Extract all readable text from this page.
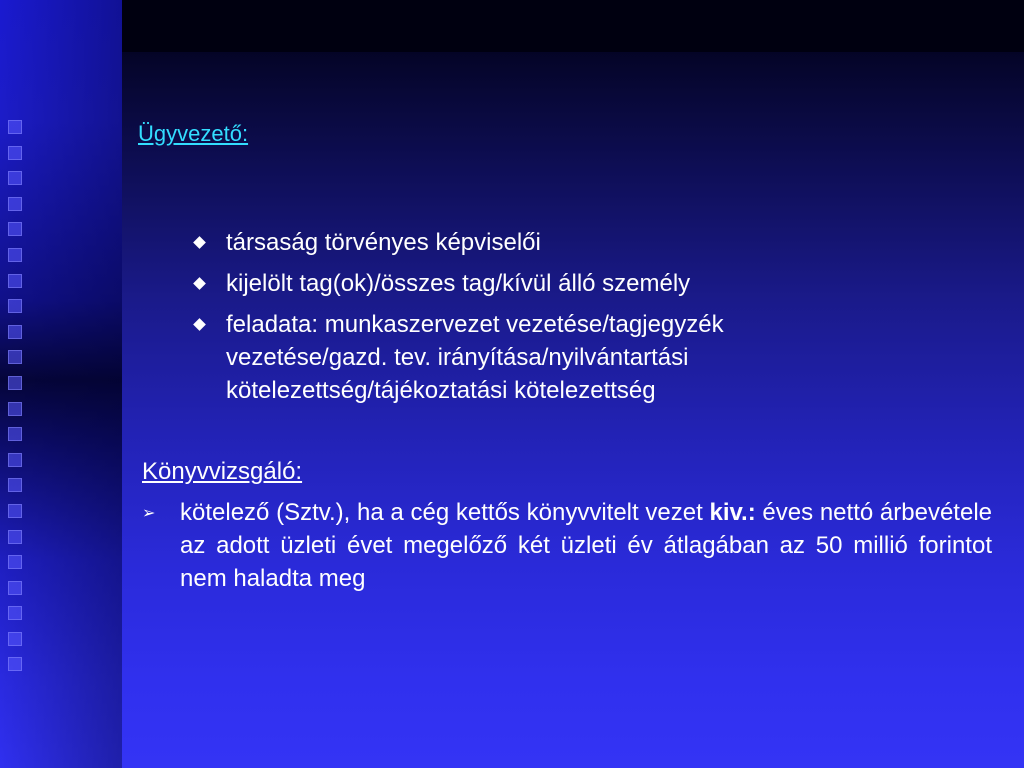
Ügyvezető:
társaság törvényes képviselői
kijelölt tag(ok)/összes tag/kívül álló személy
feladata: munkaszervezet vezetése/tagjegyzék vezetése/gazd. tev. irányítása/nyilvántartási kötelezettség/tájékoztatási kötelezettség
Könyvvizsgáló:
➢ kötelező (Sztv.), ha a cég kettős könyvvitelt vezet kiv.: éves nettó árbevétele az adott üzleti évet megelőző két üzleti év átlagában az 50 millió forintot nem haladta meg
